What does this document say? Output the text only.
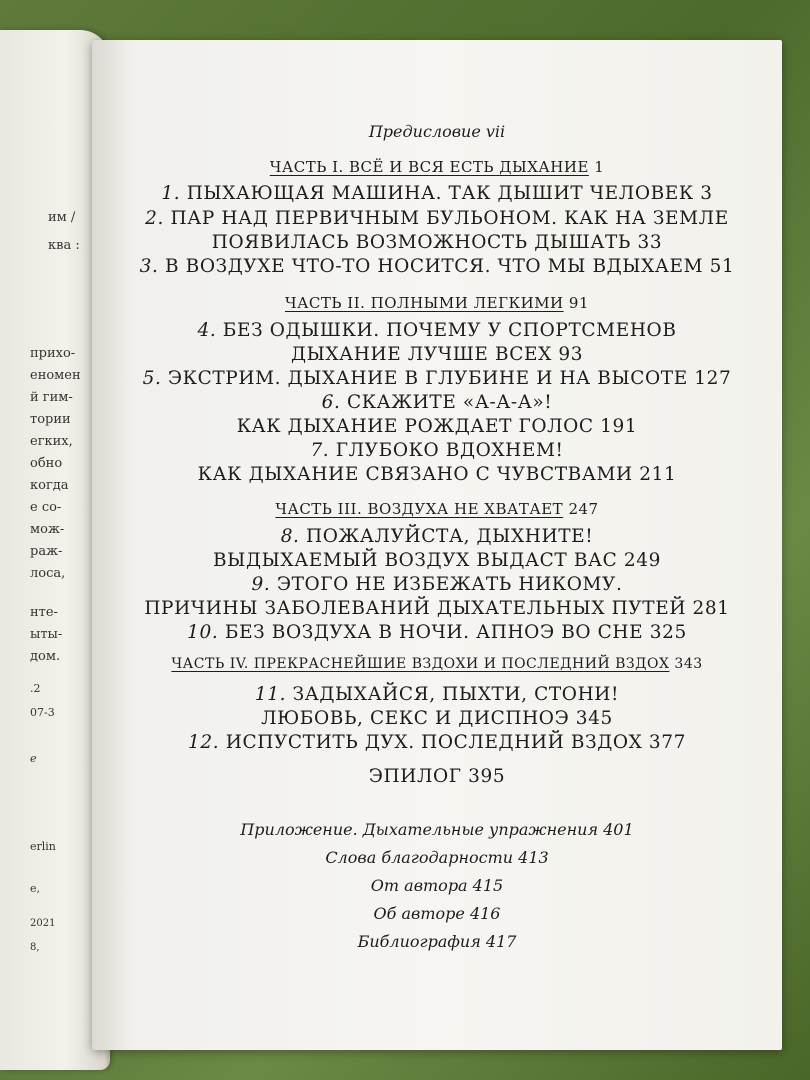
им /
ква :
прихо-
еномен
й гим-
тории
егких,
обно
когда
е со-
мож-
раж-
лоса,
нте-
ыты-
дом.
.2
07-3
e
erlin
e,
2021
8,
Предисловие vii
ЧАСТЬ I. ВСЁ И ВСЯ ЕСТЬ ДЫХАНИЕ 1
1. ПЫХАЮЩАЯ МАШИНА. ТАК ДЫШИТ ЧЕЛОВЕК 3
2. ПАР НАД ПЕРВИЧНЫМ БУЛЬОНОМ. КАК НА ЗЕМЛЕ
ПОЯВИЛАСЬ ВОЗМОЖНОСТЬ ДЫШАТЬ 33
3. В ВОЗДУХЕ ЧТО-ТО НОСИТСЯ. ЧТО МЫ ВДЫХАЕМ 51
ЧАСТЬ II. ПОЛНЫМИ ЛЕГКИМИ 91
4. БЕЗ ОДЫШКИ. ПОЧЕМУ У СПОРТСМЕНОВ
ДЫХАНИЕ ЛУЧШЕ ВСЕХ 93
5. ЭКСТРИМ. ДЫХАНИЕ В ГЛУБИНЕ И НА ВЫСОТЕ 127
6. СКАЖИТЕ «А-А-А»!
КАК ДЫХАНИЕ РОЖДАЕТ ГОЛОС 191
7. ГЛУБОКО ВДОХНЕМ!
КАК ДЫХАНИЕ СВЯЗАНО С ЧУВСТВАМИ 211
ЧАСТЬ III. ВОЗДУХА НЕ ХВАТАЕТ 247
8. ПОЖАЛУЙСТА, ДЫХНИТЕ!
ВЫДЫХАЕМЫЙ ВОЗДУХ ВЫДАСТ ВАС 249
9. ЭТОГО НЕ ИЗБЕЖАТЬ НИКОМУ.
ПРИЧИНЫ ЗАБОЛЕВАНИЙ ДЫХАТЕЛЬНЫХ ПУТЕЙ 281
10. БЕЗ ВОЗДУХА В НОЧИ. АПНОЭ ВО СНЕ 325
ЧАСТЬ IV. ПРЕКРАСНЕЙШИЕ ВЗДОХИ И ПОСЛЕДНИЙ ВЗДОХ 343
11. ЗАДЫХАЙСЯ, ПЫХТИ, СТОНИ!
ЛЮБОВЬ, СЕКС И ДИСПНОЭ 345
12. ИСПУСТИТЬ ДУХ. ПОСЛЕДНИЙ ВЗДОХ 377
ЭПИЛОГ 395
Приложение. Дыхательные упражнения 401
Слова благодарности 413
От автора 415
Об авторе 416
Библиография 417
